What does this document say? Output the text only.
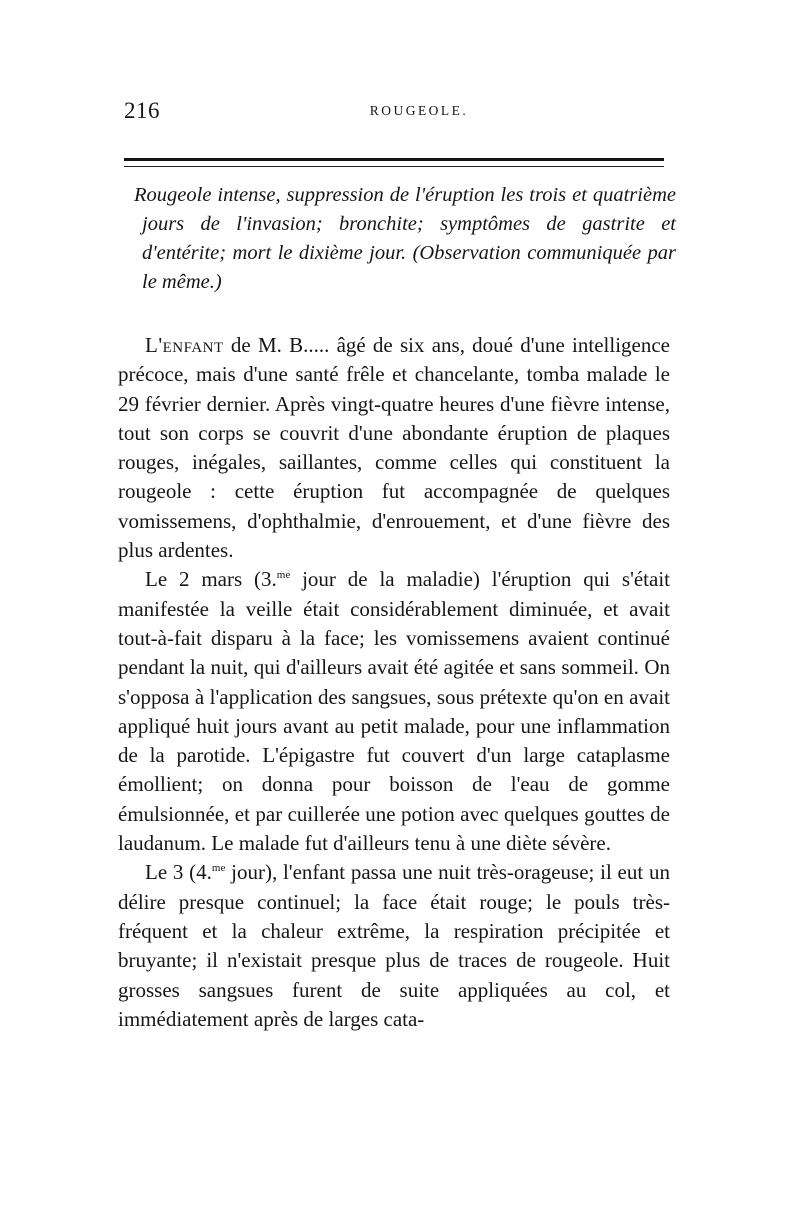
216	ROUGEOLE.

Rougeole intense, suppression de l'éruption les trois et quatrième jours de l'invasion; bronchite; symptômes de gastrite et d'entérite; mort le dixième jour. (Observation communiquée par le même.)

L'enfant de M. B..... âgé de six ans, doué d'une intelligence précoce, mais d'une santé frêle et chancelante, tomba malade le 29 février dernier. Après vingt-quatre heures d'une fièvre intense, tout son corps se couvrit d'une abondante éruption de plaques rouges, inégales, saillantes, comme celles qui constituent la rougeole : cette éruption fut accompagnée de quelques vomissemens, d'ophthalmie, d'enrouement, et d'une fièvre des plus ardentes.

Le 2 mars (3.$^{me}$ jour de la maladie) l'éruption qui s'était manifestée la veille était considérablement diminuée, et avait tout-à-fait disparu à la face; les vomissemens avaient continué pendant la nuit, qui d'ailleurs avait été agitée et sans sommeil. On s'opposa à l'application des sangsues, sous prétexte qu'on en avait appliqué huit jours avant au petit malade, pour une inflammation de la parotide. L'épigastre fut couvert d'un large cataplasme émollient; on donna pour boisson de l'eau de gomme émulsionnée, et par cuillerée une potion avec quelques gouttes de laudanum. Le malade fut d'ailleurs tenu à une diète sévère.

Le 3 (4.$^{me}$ jour), l'enfant passa une nuit très-orageuse; il eut un délire presque continuel; la face était rouge; le pouls très-fréquent et la chaleur extrême, la respiration précipitée et bruyante; il n'existait presque plus de traces de rougeole. Huit grosses sangsues furent de suite appliquées au col, et immédiatement après de larges cata-
